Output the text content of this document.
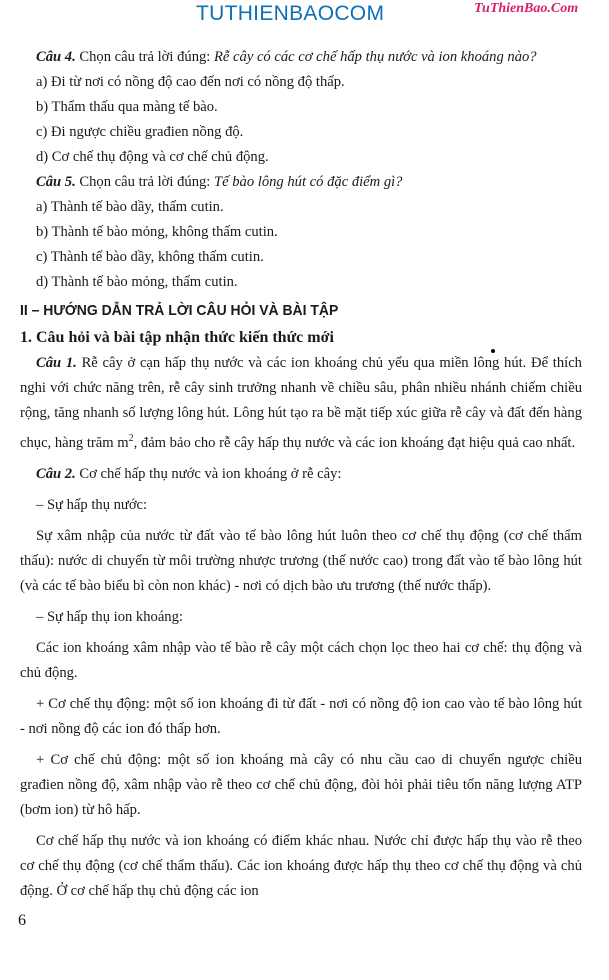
TUTHIENBAOCOM	TuThienBao.Com

Câu 4. Chọn câu trả lời đúng: Rễ cây có các cơ chế hấp thụ nước và ion khoáng nào?

a) Đi từ nơi có nồng độ cao đến nơi có nồng độ thấp.

b) Thẩm thấu qua màng tế bào.

c) Đi ngược chiều građien nồng độ.

d) Cơ chế thụ động và cơ chế chủ động.

Câu 5. Chọn câu trả lời đúng: Tế bào lông hút có đặc điểm gì?

a) Thành tế bào dầy, thấm cutin.

b) Thành tế bào mỏng, không thấm cutin.

c) Thành tế bào dầy, không thấm cutin.

d) Thành tế bào mỏng, thấm cutin.

II – HƯỚNG DẪN TRẢ LỜI CÂU HỎI VÀ BÀI TẬP
1. Câu hỏi và bài tập nhận thức kiến thức mới

Câu 1. Rễ cây ở cạn hấp thụ nước và các ion khoáng chủ yếu qua miền lông hút. Để thích nghi với chức năng trên, rễ cây sinh trưởng nhanh về chiều sâu, phân nhiều nhánh chiếm chiều rộng, tăng nhanh số lượng lông hút. Lông hút tạo ra bề mặt tiếp xúc giữa rễ cây và đất đến hàng chục, hàng trăm $m^2$, đảm bảo cho rễ cây hấp thụ nước và các ion khoáng đạt hiệu quả cao nhất.

Câu 2. Cơ chế hấp thụ nước và ion khoáng ở rễ cây:

– Sự hấp thụ nước:

Sự xâm nhập của nước từ đất vào tế bào lông hút luôn theo cơ chế thụ động (cơ chế thẩm thấu): nước di chuyển từ môi trường nhược trương (thế nước cao) trong đất vào tế bào lông hút (và các tế bào biểu bì còn non khác) - nơi có dịch bào ưu trương (thế nước thấp).

– Sự hấp thụ ion khoáng:

Các ion khoáng xâm nhập vào tế bào rễ cây một cách chọn lọc theo hai cơ chế: thụ động và chủ động.

+ Cơ chế thụ động: một số ion khoáng đi từ đất - nơi có nồng độ ion cao vào tế bào lông hút - nơi nồng độ các ion đó thấp hơn.

+ Cơ chế chủ động: một số ion khoáng mà cây có nhu cầu cao di chuyển ngược chiều građien nồng độ, xâm nhập vào rễ theo cơ chế chủ động, đòi hỏi phải tiêu tốn năng lượng ATP (bơm ion) từ hô hấp.

Cơ chế hấp thụ nước và ion khoáng có điểm khác nhau. Nước chỉ được hấp thụ vào rễ theo cơ chế thụ động (cơ chế thẩm thấu). Các ion khoáng được hấp thụ theo cơ chế thụ động và chủ động. Ở cơ chế hấp thụ chủ động các ion

6
